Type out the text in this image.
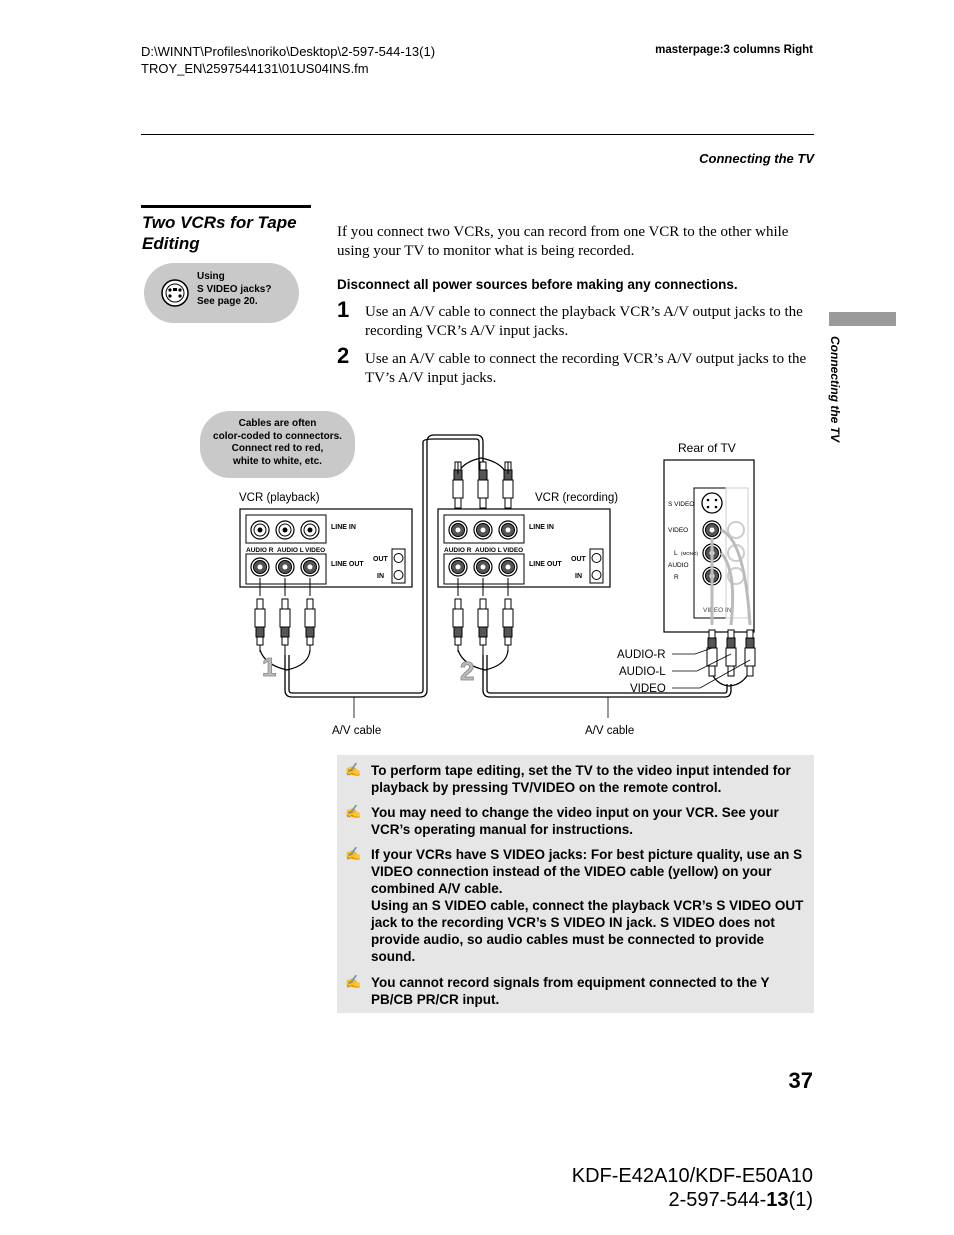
D:\WINNT\Profiles\noriko\Desktop\2-597-544-13(1)
TROY_EN\2597544131\01US04INS.fm
masterpage:3 columns Right
Connecting the TV
Connecting the TV
Two VCRs for Tape Editing
Using
S VIDEO jacks?
See page 20.
If you connect two VCRs, you can record from one VCR to the other while using your TV to monitor what is being recorded.
Disconnect all power sources before making any connections.
1 Use an A/V cable to connect the playback VCR’s A/V output jacks to the recording VCR’s A/V input jacks.
2 Use an A/V cable to connect the recording VCR’s A/V output jacks to the TV’s A/V input jacks.
Cables are often
color-coded to connectors.
Connect red to red,
white to white, etc.
AUDIO R AUDIO L VIDEO
LINE IN
LINE OUT
OUT
IN
AUDIO R AUDIO L VIDEO
LINE IN
LINE OUT
OUT
IN
S VIDEO
VIDEO
L (MONO)
AUDIO
R
VIDEO IN
AUDIO-R
AUDIO-L
VIDEO
Rear of TV
VCR (playback)	VCR (recording)
A/V cable	A/V cable
1	2
✍ To perform tape editing, set the TV to the video input intended for playback by pressing TV/VIDEO on the remote control.
✍ You may need to change the video input on your VCR. See your VCR’s operating manual for instructions.
✍ If your VCRs have S VIDEO jacks: For best picture quality, use an S VIDEO connection instead of the VIDEO cable (yellow) on your combined A/V cable.
Using an S VIDEO cable, connect the playback VCR’s S VIDEO OUT jack to the recording VCR’s S VIDEO IN jack. S VIDEO does not provide audio, so audio cables must be connected to provide sound.
✍ You cannot record signals from equipment connected to the Y PB/CB PR/CR input.
37
KDF-E42A10/KDF-E50A10
2-597-544-13(1)
